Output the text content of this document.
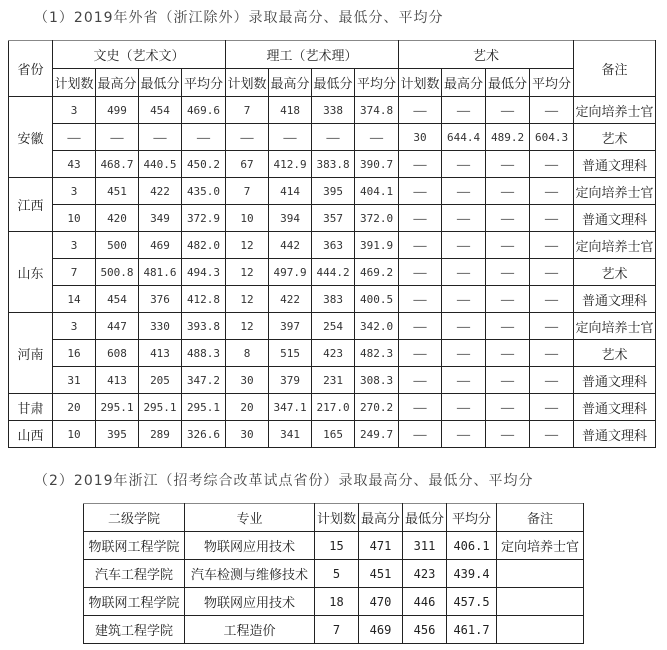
（1）2019年外省（浙江除外）录取最高分、最低分、平均分
省份	文史（艺术文）				理工（艺术理）				艺术				备注
	计划数	最高分	最低分	平均分	计划数	最高分	最低分	平均分	计划数	最高分	最低分	平均分	
安徽	3	499	454	469.6	7	418	338	374.8	——	——	——	——	定向培养士官
	——	——	——	——	——	——	——	——	30	644.4	489.2	604.3	艺术
	43	468.7	440.5	450.2	67	412.9	383.8	390.7	——	——	——	——	普通文理科
江西	3	451	422	435.0	7	414	395	404.1	——	——	——	——	定向培养士官
	10	420	349	372.9	10	394	357	372.0	——	——	——	——	普通文理科
山东	3	500	469	482.0	12	442	363	391.9	——	——	——	——	定向培养士官
	7	500.8	481.6	494.3	12	497.9	444.2	469.2	——	——	——	——	艺术
	14	454	376	412.8	12	422	383	400.5	——	——	——	——	普通文理科
河南	3	447	330	393.8	12	397	254	342.0	——	——	——	——	定向培养士官
	16	608	413	488.3	8	515	423	482.3	——	——	——	——	艺术
	31	413	205	347.2	30	379	231	308.3	——	——	——	——	普通文理科
甘肃	20	295.1	295.1	295.1	20	347.1	217.0	270.2	——	——	——	——	普通文理科
山西	10	395	289	326.6	30	341	165	249.7	——	——	——	——	普通文理科
（2）2019年浙江（招考综合改革试点省份）录取最高分、最低分、平均分
二级学院	专业	计划数	最高分	最低分	平均分	备注
物联网工程学院	物联网应用技术	15	471	311	406.1	定向培养士官
汽车工程学院	汽车检测与维修技术	5	451	423	439.4	
物联网工程学院	物联网应用技术	18	470	446	457.5	
建筑工程学院	工程造价	7	469	456	461.7	
